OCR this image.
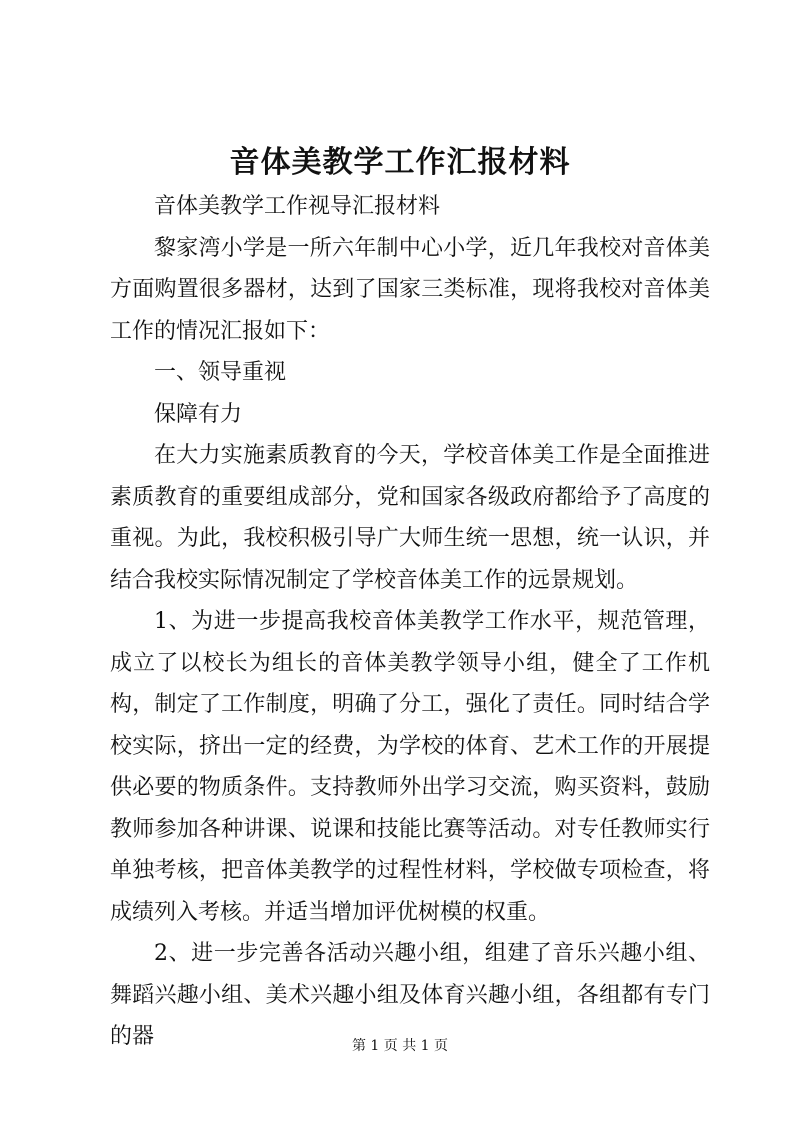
音体美教学工作汇报材料

音体美教学工作视导汇报材料

黎家湾小学是一所六年制中心小学，近几年我校对音体美方面购置很多器材，达到了国家三类标准，现将我校对音体美工作的情况汇报如下：

一、领导重视

保障有力

在大力实施素质教育的今天，学校音体美工作是全面推进素质教育的重要组成部分，党和国家各级政府都给予了高度的重视。为此，我校积极引导广大师生统一思想，统一认识，并结合我校实际情况制定了学校音体美工作的远景规划。

1、为进一步提高我校音体美教学工作水平，规范管理，成立了以校长为组长的音体美教学领导小组，健全了工作机构，制定了工作制度，明确了分工，强化了责任。同时结合学校实际，挤出一定的经费，为学校的体育、艺术工作的开展提供必要的物质条件。支持教师外出学习交流，购买资料，鼓励教师参加各种讲课、说课和技能比赛等活动。对专任教师实行单独考核，把音体美教学的过程性材料，学校做专项检查，将成绩列入考核。并适当增加评优树模的权重。

2、进一步完善各活动兴趣小组，组建了音乐兴趣小组、舞蹈兴趣小组、美术兴趣小组及体育兴趣小组，各组都有专门的器	第 1 页 共 1 页
